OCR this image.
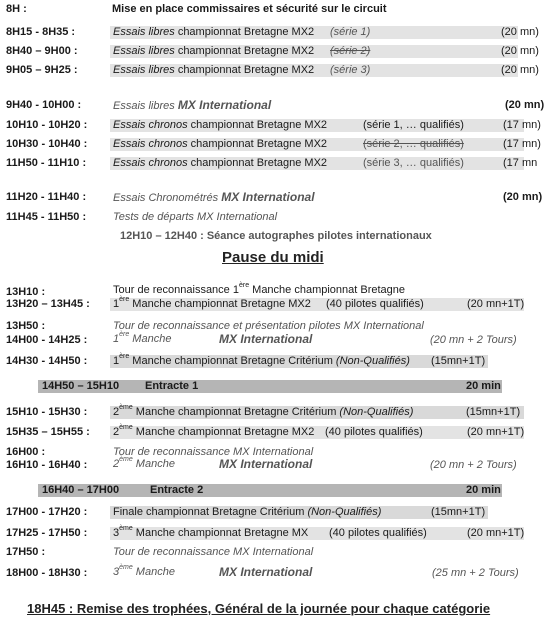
8H :	Mise en place commissaires et sécurité sur le circuit
8H15 - 8H35 :	Essais libres championnat Bretagne MX2 (série 1)	(20 mn)
8H40 – 9H00 :	Essais libres championnat Bretagne MX2 (série 2)	(20 mn)
9H05 – 9H25 :	Essais libres championnat Bretagne MX2 (série 3)	(20 mn)
9H40 - 10H00 :	Essais libres MX International	(20 mn)
10H10 - 10H20 : Essais chronos championnat Bretagne MX2	(série 1, … qualifiés)	(17 mn)
10H30 - 10H40 : Essais chronos championnat Bretagne MX2	(série 2, … qualifiés)	(17 mn)
11H50 - 11H10 : Essais chronos championnat Bretagne MX2	(série 3, … qualifiés)	(17 mn
11H20 - 11H40 : Essais Chronométrés MX International	(20 mn)
11H45 - 11H50 : Tests de départs MX International
12H10 – 12H40 : Séance autographes pilotes internationaux
Pause du midi
13H10 :	Tour de reconnaissance 1ère Manche championnat Bretagne
13H20 – 13H45 : 1ère Manche championnat Bretagne MX2 (40 pilotes qualifiés)	(20 mn+1T)
13H50 :	Tour de reconnaissance et présentation pilotes MX International
14H00 - 14H25 : 1ère Manche	MX International	(20 mn + 2 Tours)
14H30 - 14H50 : 1ère Manche championnat Bretagne Critérium (Non-Qualifiés) (15mn+1T)
14H50 – 15H10 Entracte 1	20 min
15H10 - 15H30 : 2ème Manche championnat Bretagne Critérium (Non-Qualifiés)	(15mn+1T)
15H35 – 15H55 : 2ème Manche championnat Bretagne MX2 (40 pilotes qualifiés)	(20 mn+1T)
16H00 :	Tour de reconnaissance MX International
16H10 - 16H40 : 2ème Manche	MX International	(20 mn + 2 Tours)
16H40 – 17H00	Entracte 2	20 min
17H00 - 17H20 : Finale championnat Bretagne Critérium (Non-Qualifiés)	(15mn+1T)
17H25 - 17H50 : 3ème Manche championnat Bretagne MX (40 pilotes qualifiés)	(20 mn+1T)
17H50 :	Tour de reconnaissance MX International
18H00 - 18H30 : 3ème Manche	MX International	(25 mn + 2 Tours)
18H45 : Remise des trophées, Général de la journée pour chaque catégorie
